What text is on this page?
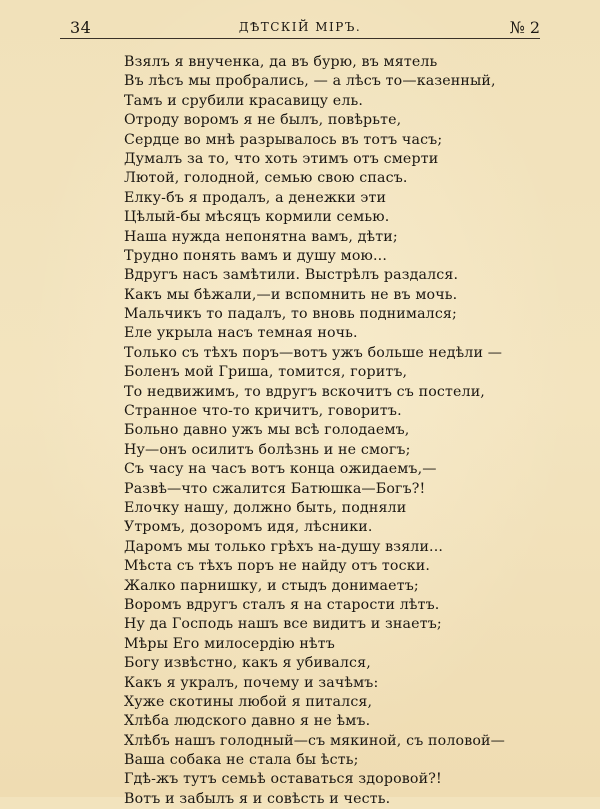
34	ДѢТСКІЙ МІРЪ.	№ 2
Взялъ я внученка, да въ бурю, въ мятель
Въ лѣсъ мы пробрались, — а лѣсъ то—казенный,
Тамъ и срубили красавицу ель.
Отроду воромъ я не былъ, повѣрьте,
Сердце во мнѣ разрывалось въ тотъ часъ;
Думалъ за то, что хоть этимъ отъ смерти
Лютой, голодной, семью свою спасъ.
Елку-бъ я продалъ, а денежки эти
Цѣлый-бы мѣсяцъ кормили семью.
Наша нужда непонятна вамъ, дѣти;
Трудно понять вамъ и душу мою...
Вдругъ насъ замѣтили. Выстрѣлъ раздался.
Какъ мы бѣжали,—и вспомнить не въ мочь.
Мальчикъ то падалъ, то вновь поднимался;
Еле укрыла насъ темная ночь.
Только съ тѣхъ поръ—вотъ ужъ больше недѣли —
Боленъ мой Гриша, томится, горитъ,
То недвижимъ, то вдругъ вскочитъ съ постели,
Странное что-то кричитъ, говоритъ.
Больно давно ужъ мы всѣ голодаемъ,
Ну—онъ осилитъ болѣзнь и не смогъ;
Съ часу на часъ вотъ конца ожидаемъ,—
Развѣ—что сжалится Батюшка—Богъ?!
Елочку нашу, должно быть, подняли
Утромъ, дозоромъ идя, лѣсники.
Даромъ мы только грѣхъ на-душу взяли...
Мѣста съ тѣхъ поръ не найду отъ тоски.
Жалко парнишку, и стыдъ донимаетъ;
Воромъ вдругъ сталъ я на старости лѣтъ.
Ну да Господь нашъ все видитъ и знаетъ;
Мѣры Его милосердію нѣтъ
Богу извѣстно, какъ я убивался,
Какъ я укралъ, почему и зачѣмъ:
Хуже скотины любой я питался,
Хлѣба людского давно я не ѣмъ.
Хлѣбъ нашъ голодный—съ мякиной, съ половой—
Ваша собака не стала бы ѣсть;
Гдѣ-жъ тутъ семьѣ оставаться здоровой?!
Вотъ и забылъ я и совѣсть и честь.
